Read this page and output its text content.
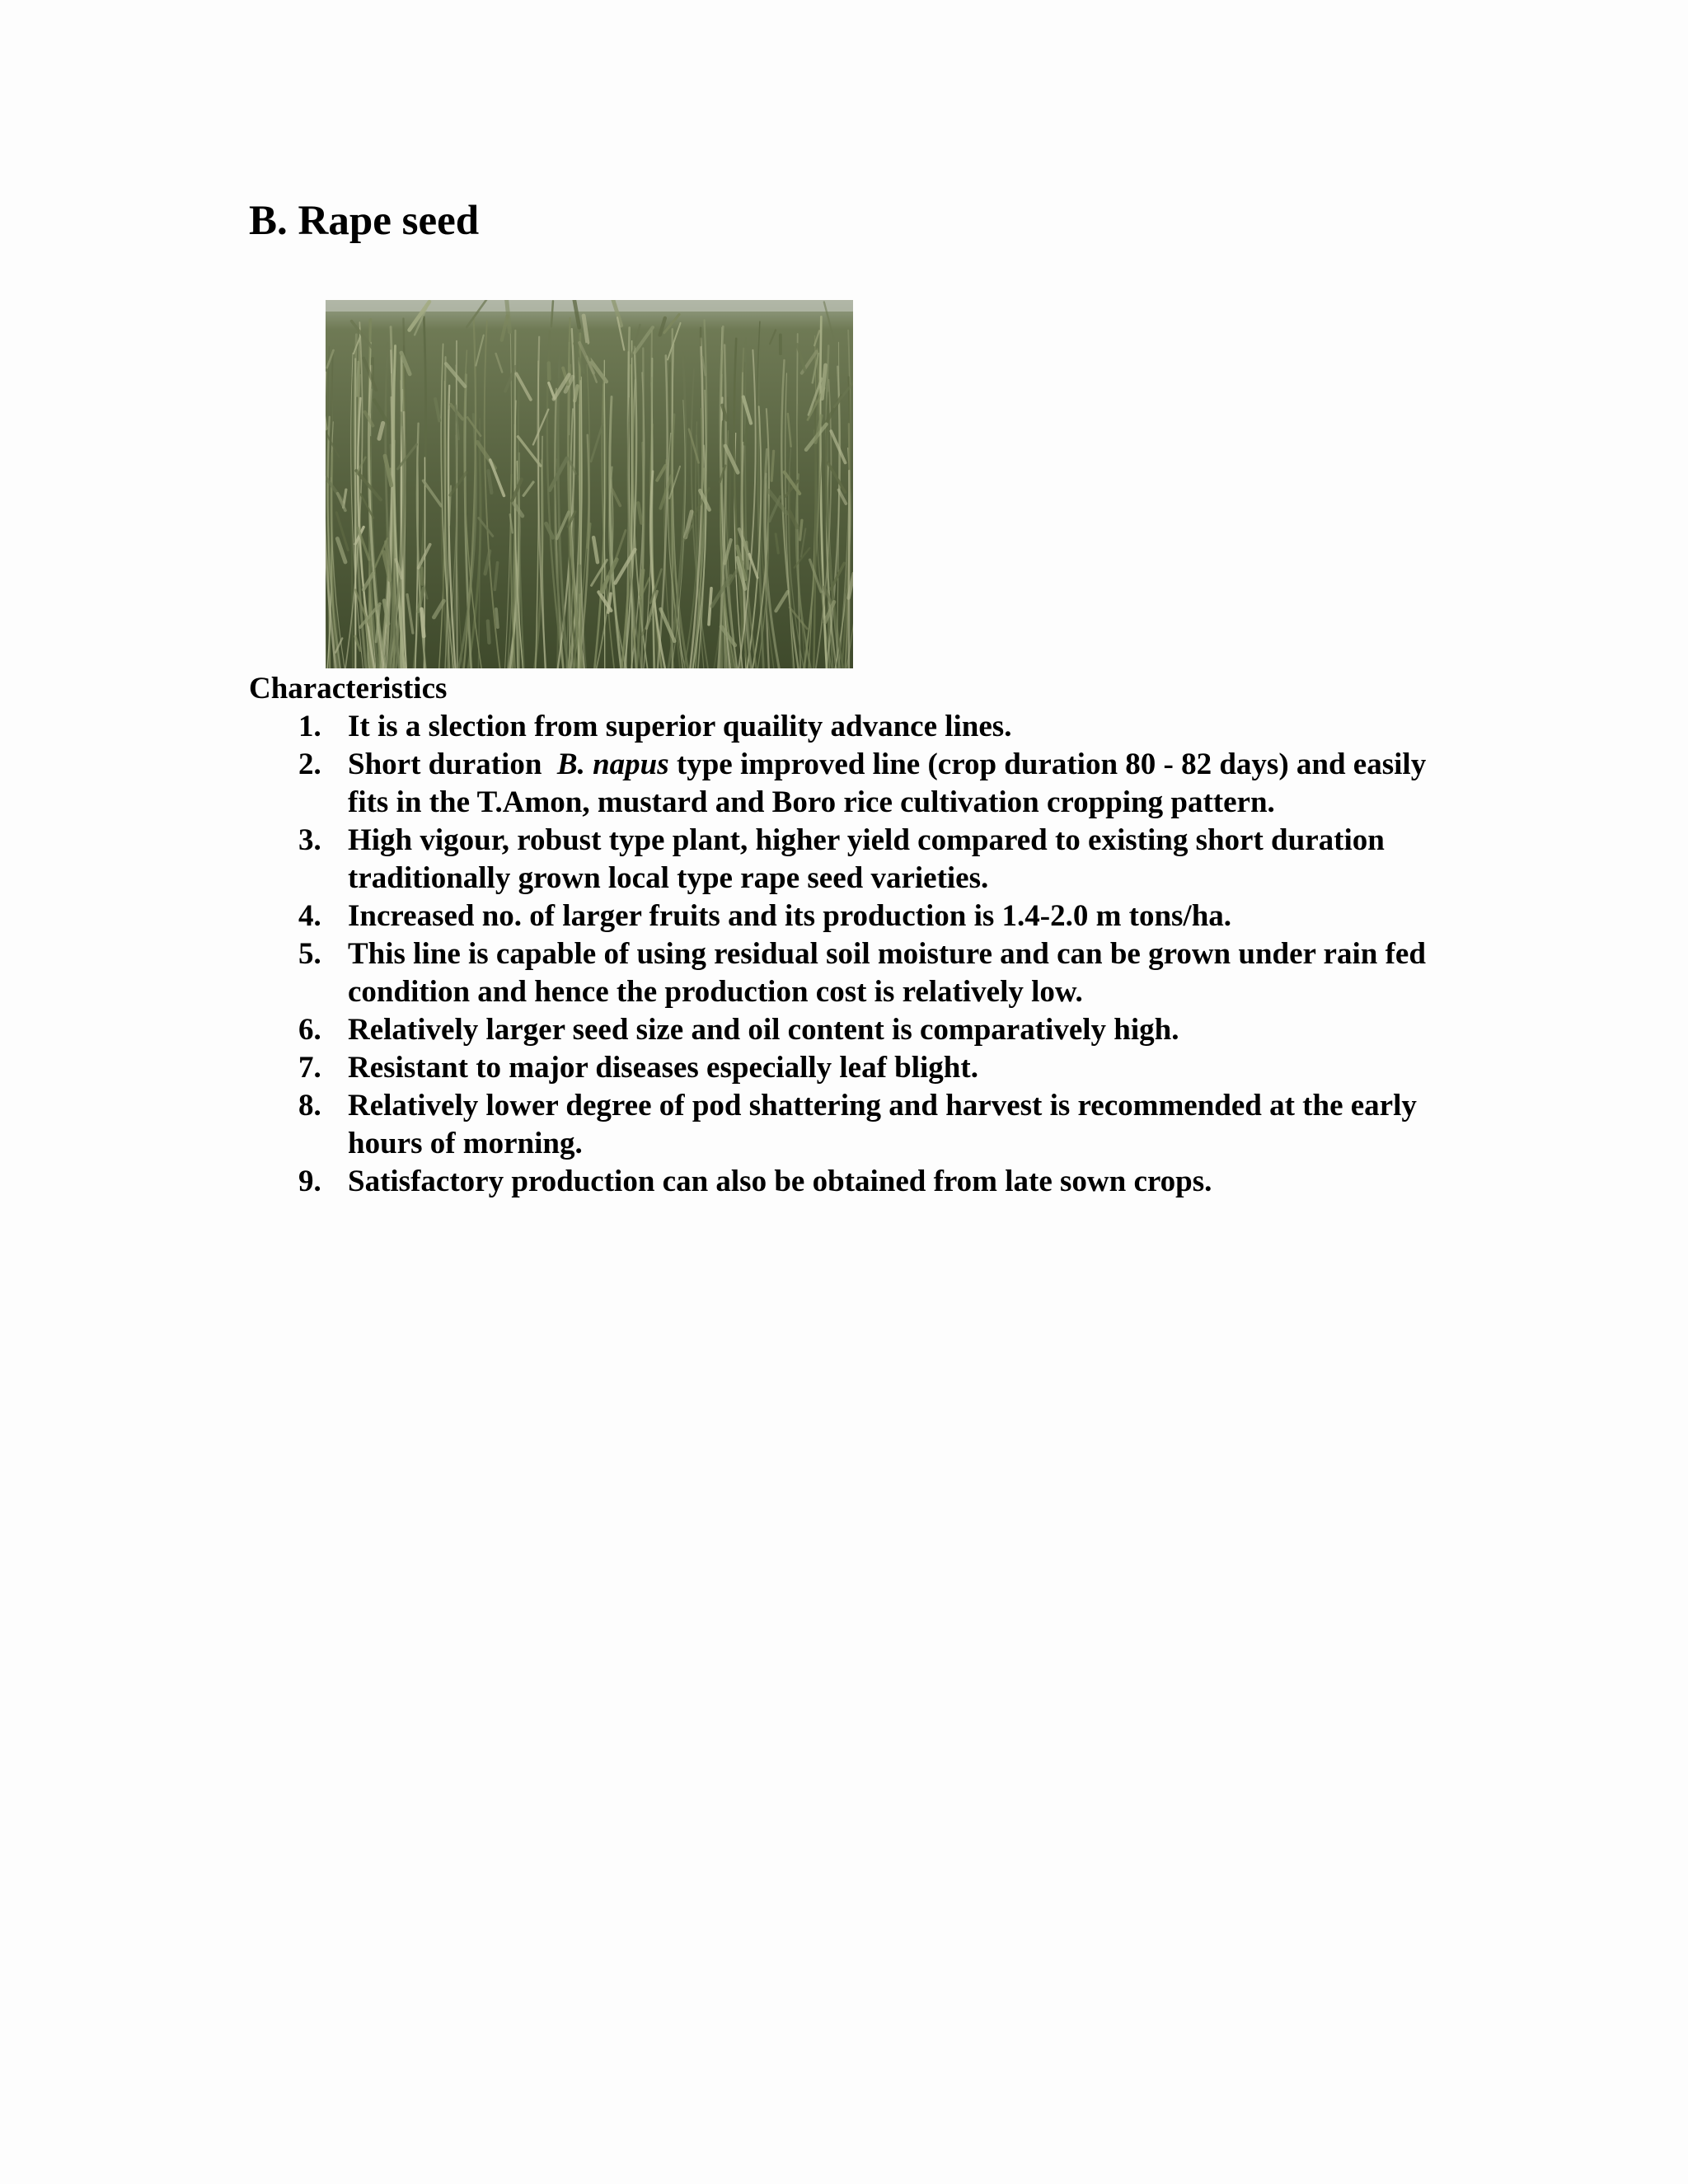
B. Rape seed
Characteristics
1. It is a slection from superior quaility advance lines.
2. Short duration  B. napus type improved line (crop duration 80 - 82 days) and easily fits in the T.Amon, mustard and Boro rice cultivation cropping pattern.
3. High vigour, robust type plant, higher yield compared to existing short duration traditionally grown local type rape seed varieties.
4. Increased no. of larger fruits and its production is 1.4-2.0 m tons/ha.
5. This line is capable of using residual soil moisture and can be grown under rain fed condition and hence the production cost is relatively low.
6. Relatively larger seed size and oil content is comparatively high.
7. Resistant to major diseases especially leaf blight.
8. Relatively lower degree of pod shattering and harvest is recommended at the early hours of morning.
9. Satisfactory production can also be obtained from late sown crops.
